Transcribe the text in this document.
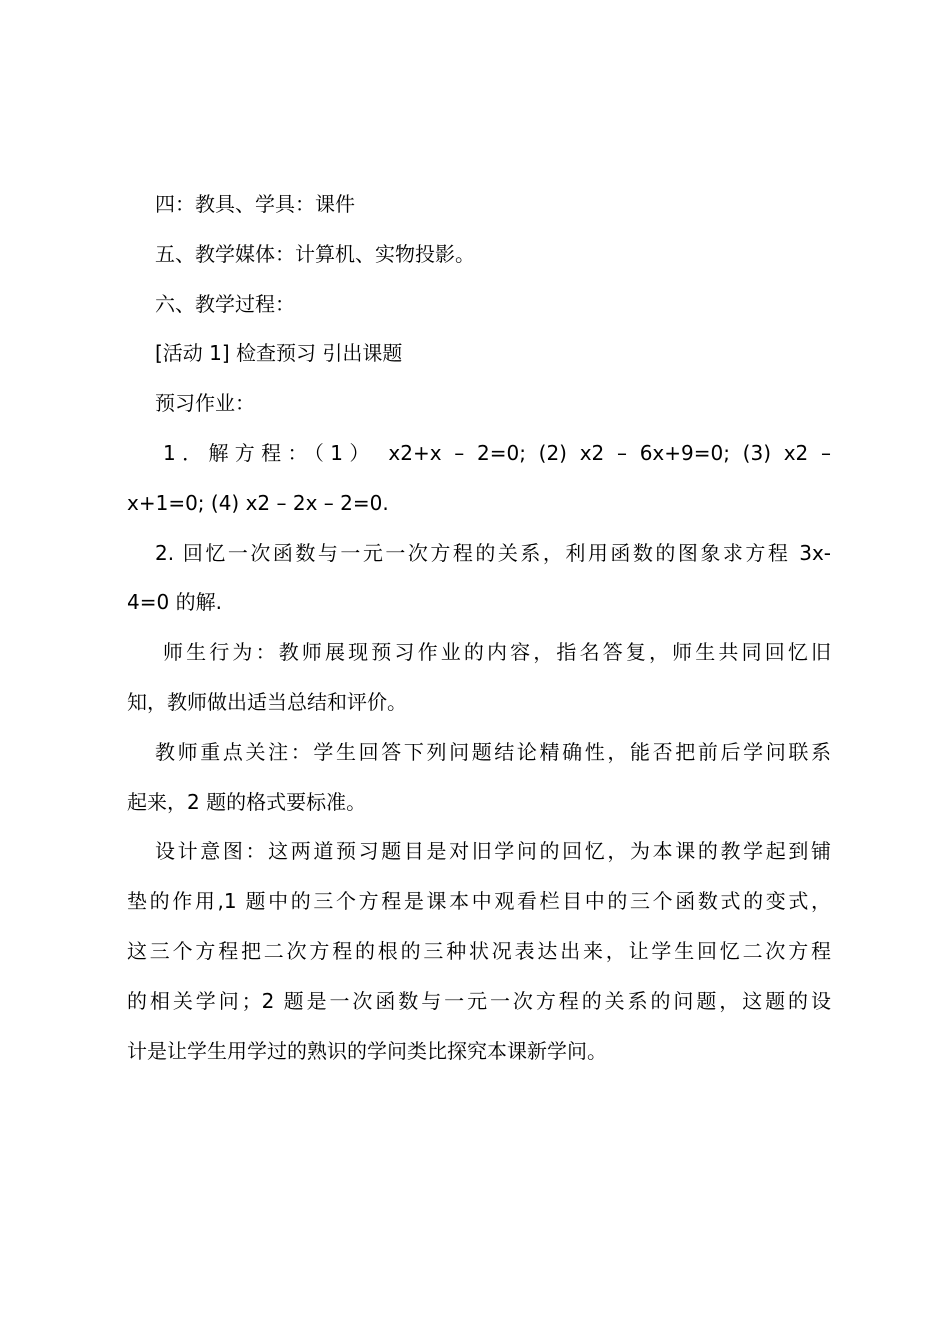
四：教具、学具：课件
五、教学媒体：计算机、实物投影。
六、教学过程：
[活动 1] 检查预习 引出课题
预习作业：
1．解方程：（1） x2+x – 2=0; (2) x2 – 6x+9=0; (3) x2 –
x+1=0; (4) x2 – 2x – 2=0.
2. 回忆一次函数与一元一次方程的关系，利用函数的图象求方程 3x-
4=0 的解.
师生行为：教师展现预习作业的内容，指名答复，师生共同回忆旧
知，教师做出适当总结和评价。
教师重点关注：学生回答下列问题结论精确性，能否把前后学问联系
起来，2 题的格式要标准。
设计意图：这两道预习题目是对旧学问的回忆，为本课的教学起到铺
垫的作用,1 题中的三个方程是课本中观看栏目中的三个函数式的变式，
这三个方程把二次方程的根的三种状况表达出来，让学生回忆二次方程
的相关学问；2 题是一次函数与一元一次方程的关系的问题，这题的设
计是让学生用学过的熟识的学问类比探究本课新学问。
